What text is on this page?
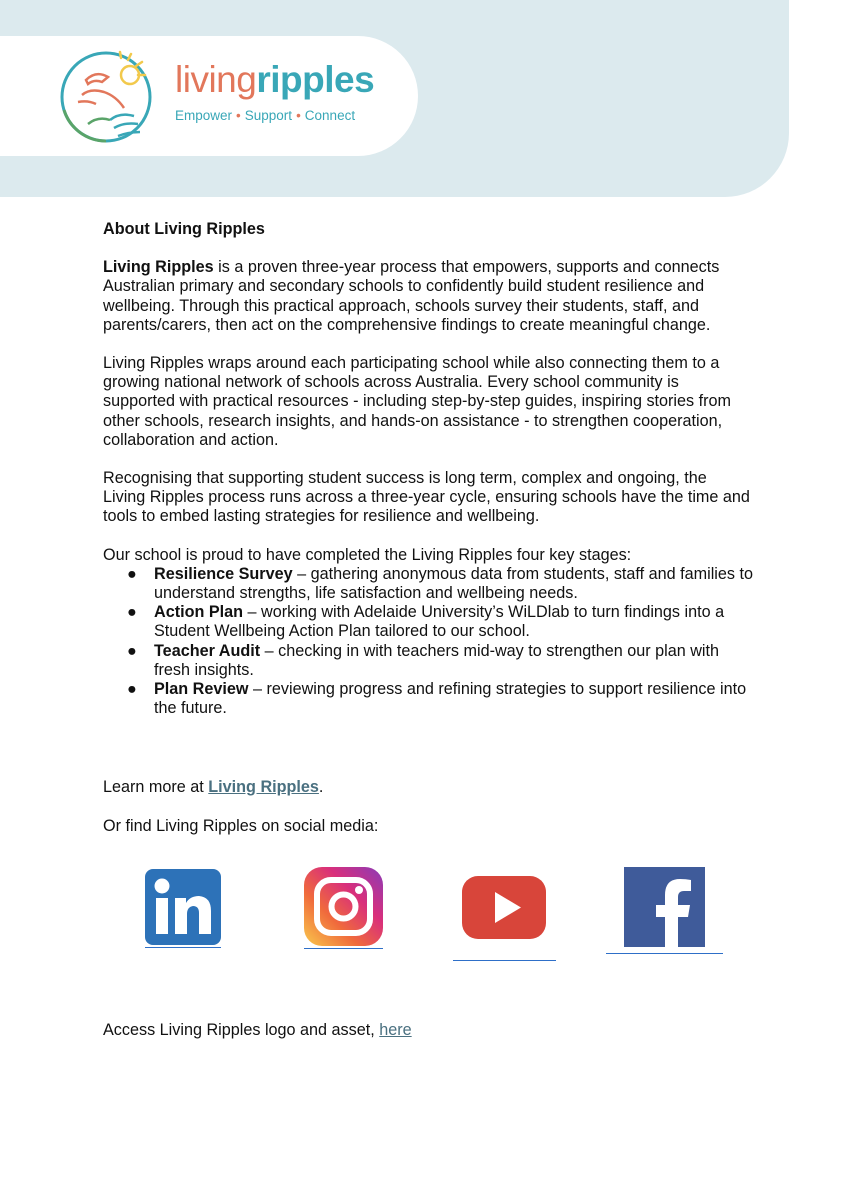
livingripples
Empower • Support • Connect
About Living Ripples

Living Ripples is a proven three-year process that empowers, supports and connects Australian primary and secondary schools to confidently build student resilience and wellbeing. Through this practical approach, schools survey their students, staff, and parents/carers, then act on the comprehensive findings to create meaningful change.

Living Ripples wraps around each participating school while also connecting them to a growing national network of schools across Australia. Every school community is supported with practical resources - including step-by-step guides, inspiring stories from other schools, research insights, and hands-on assistance - to strengthen cooperation, collaboration and action.

Recognising that supporting student success is long term, complex and ongoing, the Living Ripples process runs across a three-year cycle, ensuring schools have the time and tools to embed lasting strategies for resilience and wellbeing.

Our school is proud to have completed the Living Ripples four key stages:

● Resilience Survey – gathering anonymous data from students, staff and families to understand strengths, life satisfaction and wellbeing needs.
● Action Plan – working with Adelaide University’s WiLDlab to turn findings into a Student Wellbeing Action Plan tailored to our school.
● Teacher Audit – checking in with teachers mid-way to strengthen our plan with fresh insights.
● Plan Review – reviewing progress and refining strategies to support resilience into the future.
Learn more at Living Ripples.
Or find Living Ripples on social media:
Access Living Ripples logo and asset, here
